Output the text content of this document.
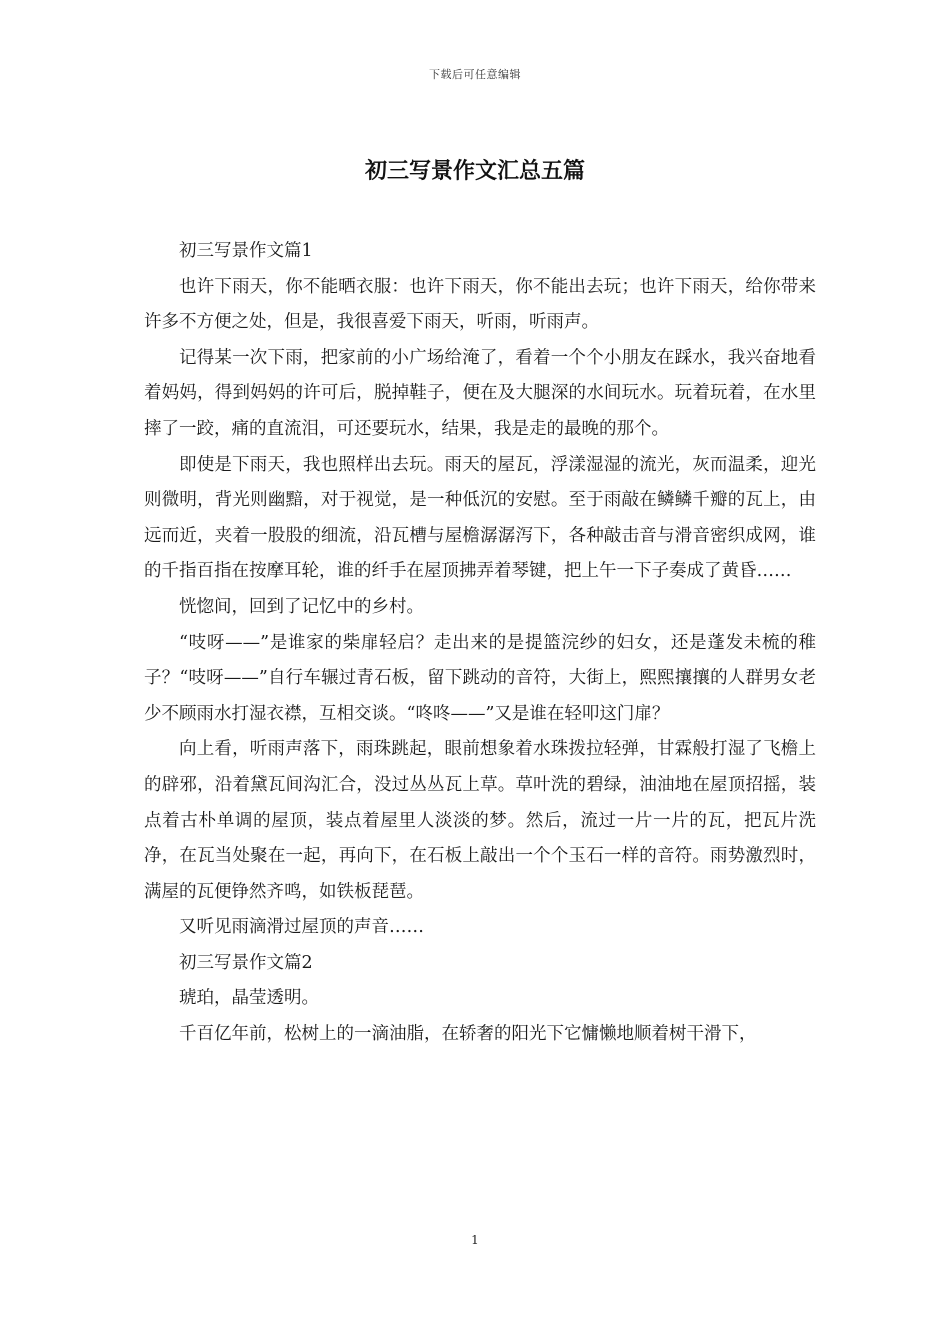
下载后可任意编辑
初三写景作文汇总五篇

初三写景作文篇1

也许下雨天，你不能晒衣服：也许下雨天，你不能出去玩；也许下雨天，给你带来许多不方便之处，但是，我很喜爱下雨天，听雨，听雨声。

记得某一次下雨，把家前的小广场给淹了，看着一个个小朋友在踩水，我兴奋地看着妈妈，得到妈妈的许可后，脱掉鞋子，便在及大腿深的水间玩水。玩着玩着，在水里摔了一跤，痛的直流泪，可还要玩水，结果，我是走的最晚的那个。

即使是下雨天，我也照样出去玩。雨天的屋瓦，浮漾湿湿的流光，灰而温柔，迎光则微明，背光则幽黯，对于视觉，是一种低沉的安慰。至于雨敲在鳞鳞千瓣的瓦上，由远而近，夹着一股股的细流，沿瓦槽与屋檐潺潺泻下，各种敲击音与滑音密织成网，谁的千指百指在按摩耳轮，谁的纤手在屋顶拂弄着琴键，把上午一下子奏成了黄昏……

恍惚间，回到了记忆中的乡村。

“吱呀——”是谁家的柴扉轻启？走出来的是提篮浣纱的妇女，还是蓬发未梳的稚子？“吱呀——”自行车辗过青石板，留下跳动的音符，大街上，熙熙攘攘的人群男女老少不顾雨水打湿衣襟，互相交谈。“咚咚——”又是谁在轻叩这门扉？

向上看，听雨声落下，雨珠跳起，眼前想象着水珠拨拉轻弹，甘霖般打湿了飞檐上的辟邪，沿着黛瓦间沟汇合，没过丛丛瓦上草。草叶洗的碧绿，油油地在屋顶招摇，装点着古朴单调的屋顶，装点着屋里人淡淡的梦。然后，流过一片一片的瓦，把瓦片洗净，在瓦当处聚在一起，再向下，在石板上敲出一个个玉石一样的音符。雨势激烈时，满屋的瓦便铮然齐鸣，如铁板琵琶。

又听见雨滴滑过屋顶的声音……

初三写景作文篇2

琥珀，晶莹透明。

千百亿年前，松树上的一滴油脂，在轿奢的阳光下它慵懒地顺着树干滑下，

1
